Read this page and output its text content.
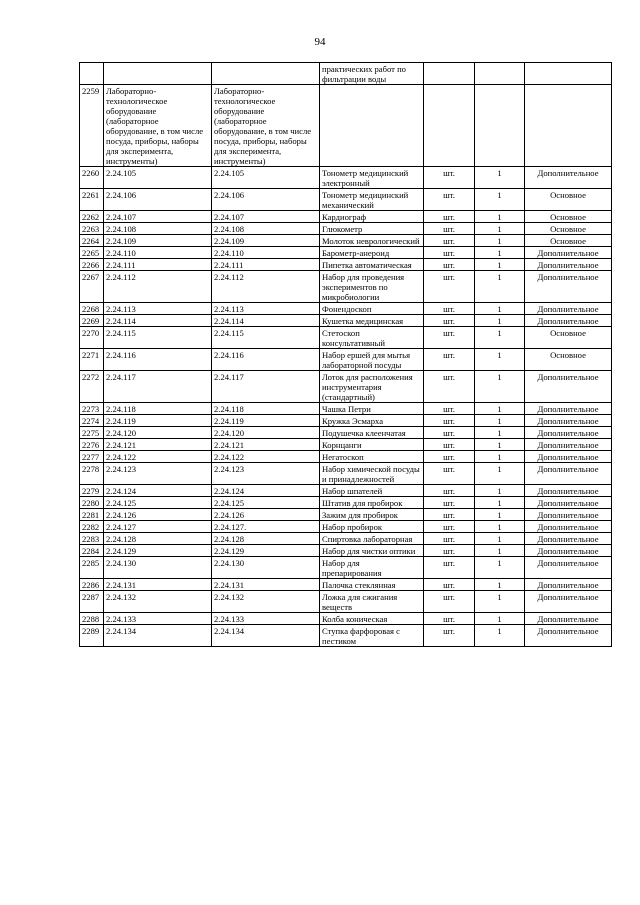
94
			практических работ по фильтрации воды			
2259	Лабораторно-технологическое оборудование (лабораторное оборудование, в том числе посуда, приборы, наборы для эксперимента, инструменты)	Лабораторно-технологическое оборудование (лабораторное оборудование, в том числе посуда, приборы, наборы для эксперимента, инструменты)				
2260	2.24.105	2.24.105	Тонометр медицинский электронный	шт.	1	Дополнительное
2261	2.24.106	2.24.106	Тонометр медицинский механический	шт.	1	Основное
2262	2.24.107	2.24.107	Кардиограф	шт.	1	Основное
2263	2.24.108	2.24.108	Глюкометр	шт.	1	Основное
2264	2.24.109	2.24.109	Молоток неврологический	шт.	1	Основное
2265	2.24.110	2.24.110	Барометр-анероид	шт.	1	Дополнительное
2266	2.24.111	2.24.111	Пипетка автоматическая	шт.	1	Дополнительное
2267	2.24.112	2.24.112	Набор для проведения экспериментов по микробиологии	шт.	1	Дополнительное
2268	2.24.113	2.24.113	Фонендоскоп	шт.	1	Дополнительное
2269	2.24.114	2.24.114	Кушетка медицинская	шт.	1	Дополнительное
2270	2.24.115	2.24.115	Стетоскоп консультативный	шт.	1	Основное
2271	2.24.116	2.24.116	Набор ершей для мытья лабораторной посуды	шт.	1	Основное
2272	2.24.117	2.24.117	Лоток для расположения инструментария (стандартный)	шт.	1	Дополнительное
2273	2.24.118	2.24.118	Чашка Петри	шт.	1	Дополнительное
2274	2.24.119	2.24.119	Кружка Эсмарха	шт.	1	Дополнительное
2275	2.24.120	2.24.120	Подушечка клеенчатая	шт.	1	Дополнительное
2276	2.24.121	2.24.121	Корнцанги	шт.	1	Дополнительное
2277	2.24.122	2.24.122	Негатоскоп	шт.	1	Дополнительное
2278	2.24.123	2.24.123	Набор химической посуды и принадлежностей	шт.	1	Дополнительное
2279	2.24.124	2.24.124	Набор шпателей	шт.	1	Дополнительное
2280	2.24.125	2.24.125	Штатив для пробирок	шт.	1	Дополнительное
2281	2.24.126	2.24.126	Зажим для пробирок	шт.	1	Дополнительное
2282	2.24.127	2.24.127.	Набор пробирок	шт.	1	Дополнительное
2283	2.24.128	2.24.128	Спиртовка лабораторная	шт.	1	Дополнительное
2284	2.24.129	2.24.129	Набор для чистки оптики	шт.	1	Дополнительное
2285	2.24.130	2.24.130	Набор для препарирования	шт.	1	Дополнительное
2286	2.24.131	2.24.131	Палочка стеклянная	шт.	1	Дополнительное
2287	2.24.132	2.24.132	Ложка для сжигания веществ	шт.	1	Дополнительное
2288	2.24.133	2.24.133	Колба коническая	шт.	1	Дополнительное
2289	2.24.134	2.24.134	Ступка фарфоровая с пестиком	шт.	1	Дополнительное
